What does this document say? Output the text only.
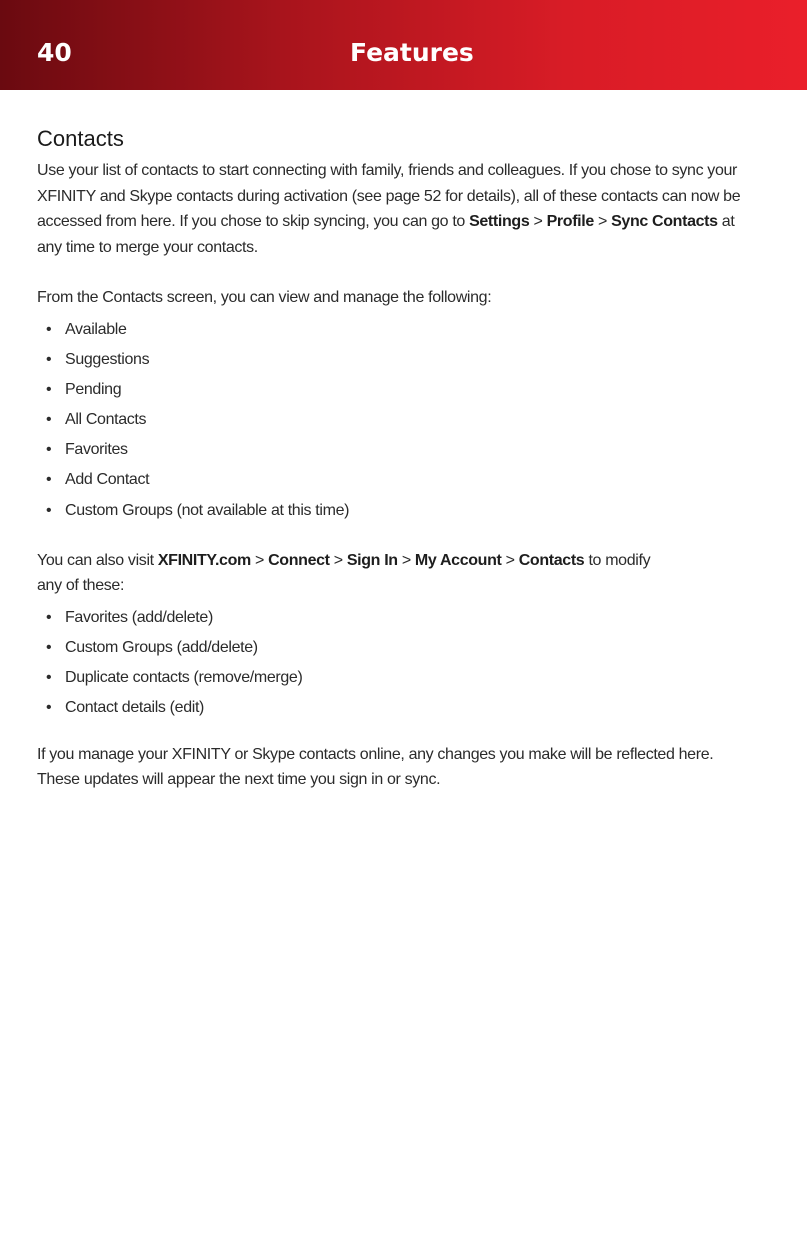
40	Features
Contacts

Use your list of contacts to start connecting with family, friends and colleagues. If you chose to sync your XFINITY and Skype contacts during activation (see page 52 for details), all of these contacts can now be accessed from here. If you chose to skip syncing, you can go to Settings > Profile > Sync Contacts at any time to merge your contacts.

From the Contacts screen, you can view and manage the following:

• Available
• Suggestions
• Pending
• All Contacts
• Favorites
• Add Contact
• Custom Groups (not available at this time)

You can also visit XFINITY.com > Connect > Sign In > My Account > Contacts to modify
any of these:

• Favorites (add/delete)
• Custom Groups (add/delete)
• Duplicate contacts (remove/merge)
• Contact details (edit)

If you manage your XFINITY or Skype contacts online, any changes you make will be reflected here. These updates will appear the next time you sign in or sync.
